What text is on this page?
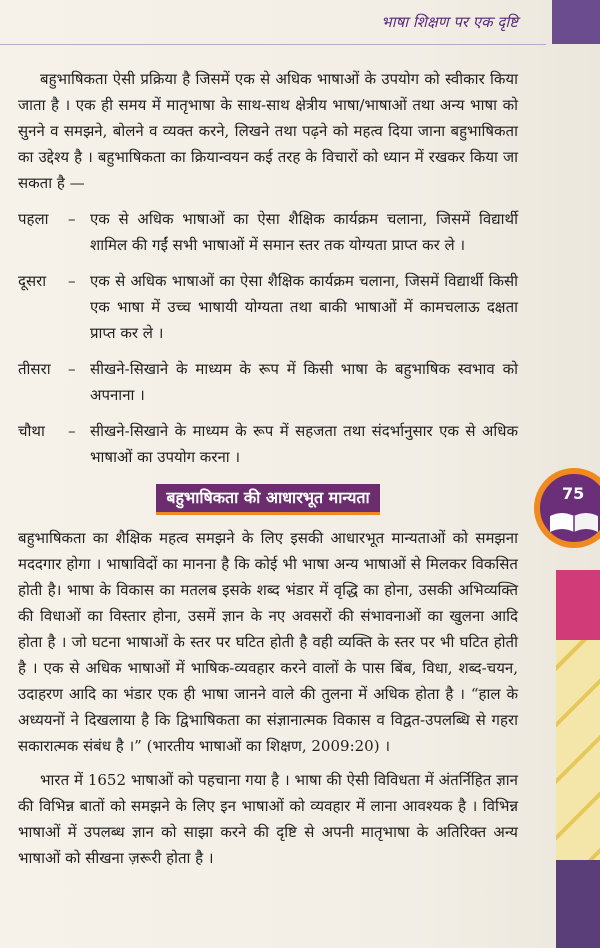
भाषा शिक्षण पर एक दृष्टि
75

बहुभाषिकता ऐसी प्रक्रिया है जिसमें एक से अधिक भाषाओं के उपयोग को स्वीकार किया जाता है । एक ही समय में मातृभाषा के साथ-साथ क्षेत्रीय भाषा/भाषाओं तथा अन्य भाषा को सुनने व समझने, बोलने व व्यक्त करने, लिखने तथा पढ़ने को महत्व दिया जाना बहुभाषिकता का उद्देश्य है । बहुभाषिकता का क्रियान्वयन कई तरह के विचारों को ध्यान में रखकर किया जा सकता है —

पहला	– एक से अधिक भाषाओं का ऐसा शैक्षिक कार्यक्रम चलाना, जिसमें विद्यार्थी शामिल की गईं सभी भाषाओं में समान स्तर तक योग्यता प्राप्त कर ले ।
दूसरा	– एक से अधिक भाषाओं का ऐसा शैक्षिक कार्यक्रम चलाना, जिसमें विद्यार्थी किसी एक भाषा में उच्च भाषायी योग्यता तथा बाकी भाषाओं में कामचलाऊ दक्षता प्राप्त कर ले ।
तीसरा	– सीखने-सिखाने के माध्यम के रूप में किसी भाषा के बहुभाषिक स्वभाव को अपनाना ।
चौथा	– सीखने-सिखाने के माध्यम के रूप में सहजता तथा संदर्भानुसार एक से अधिक भाषाओं का उपयोग करना ।
बहुभाषिकता की आधारभूत मान्यता

बहुभाषिकता का शैक्षिक महत्व समझने के लिए इसकी आधारभूत मान्यताओं को समझना मददगार होगा । भाषाविदों का मानना है कि कोई भी भाषा अन्य भाषाओं से मिलकर विकसित होती है। भाषा के विकास का मतलब इसके शब्द भंडार में वृद्धि का होना, उसकी अभिव्यक्ति की विधाओं का विस्तार होना, उसमें ज्ञान के नए अवसरों की संभावनाओं का खुलना आदि होता है । जो घटना भाषाओं के स्तर पर घटित होती है वही व्यक्ति के स्तर पर भी घटित होती है । एक से अधिक भाषाओं में भाषिक-व्यवहार करने वालों के पास बिंब, विधा, शब्द-चयन, उदाहरण आदि का भंडार एक ही भाषा जानने वाले की तुलना में अधिक होता है । “हाल के अध्ययनों ने दिखलाया है कि द्विभाषिकता का संज्ञानात्मक विकास व विद्वत-उपलब्धि से गहरा सकारात्मक संबंध है ।” (भारतीय भाषाओं का शिक्षण, 2009:20) ।

भारत में 1652 भाषाओं को पहचाना गया है । भाषा की ऐसी विविधता में अंतर्निहित ज्ञान की विभिन्न बातों को समझने के लिए इन भाषाओं को व्यवहार में लाना आवश्यक है । विभिन्न भाषाओं में उपलब्ध ज्ञान को साझा करने की दृष्टि से अपनी मातृभाषा के अतिरिक्त अन्य भाषाओं को सीखना ज़रूरी होता है ।
